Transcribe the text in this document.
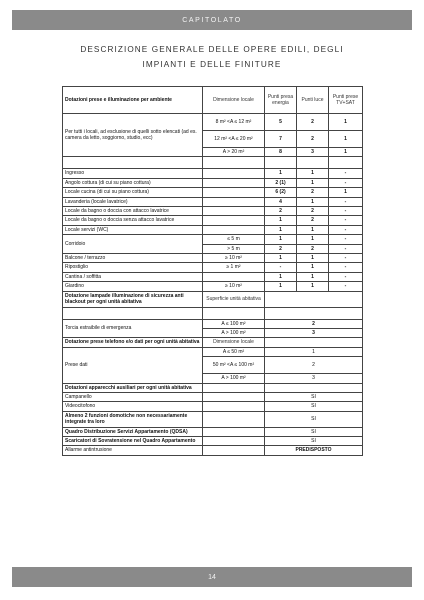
CAPITOLATO
DESCRIZIONE GENERALE DELLE OPERE EDILI, DEGLI
IMPIANTI E DELLE FINITURE
Dotazioni prese e illuminazione per ambiente	Dimensione locale	Punti presa energia	Punti luce	Punti prese TV+SAT
Per tutti i locali, ad esclusione di quelli sotto elencati (ad es. camera da letto, soggiorno, studio, ecc)	8 m² <A ≤ 12 m²	5	2	1
	12 m² <A ≤ 20 m²	7	2	1
	A > 20 m²	8	3	1

Ingresso		1	1	-
Angolo cottura (di cui su piano cottura)		2 (1)	1	-
Locale cucina (di cui su piano cottura)		6 (2)	2	1
Lavanderia (locale lavatrice)		4	1	-
Locale da bagno o doccia con attacco lavatrice		2	2	-
Locale da bagno o doccia senza attacco lavatrice		1	2	-
Locale servizi (WC)		1	1	-
Corridoio	≤ 5 m	1	1	-
	> 5 m	2	2	-
Balcone / terrazzo	≥ 10 m²	1	1	-
Ripostiglio	≥ 1 m²	-	1	-
Cantina / soffitta		1	1	-
Giardino	≥ 10 m²	1	1	-
Dotazione lampade illuminazione di sicurezza anti blackout per ogni unità abitativa	Superficie unità abitativa			

Torcia estraibile di emergenza	A ≤ 100 m²	2		
	A > 100 m²	3		
Dotazione prese telefono e/o dati per ogni unità abitativa	Dimensione locale			
Prese dati	A ≤ 50 m²	1		
	50 m² <A ≤ 100 m²	2		
	A > 100 m²	3		
Dotazioni apparecchi ausiliari per ogni unità abitativa				
Campanello		SI		
Videocitofono		SI		
Almeno 2 funzioni domotiche non necessariamente integrate tra loro		SI		
Quadro Distribuzione Servizi Appartamento (QDSA)		SI		
Scaricatori di Sovratensione nel Quadro Appartamento		SI		
Allarme antintrusione		PREDISPOSTO		
14
